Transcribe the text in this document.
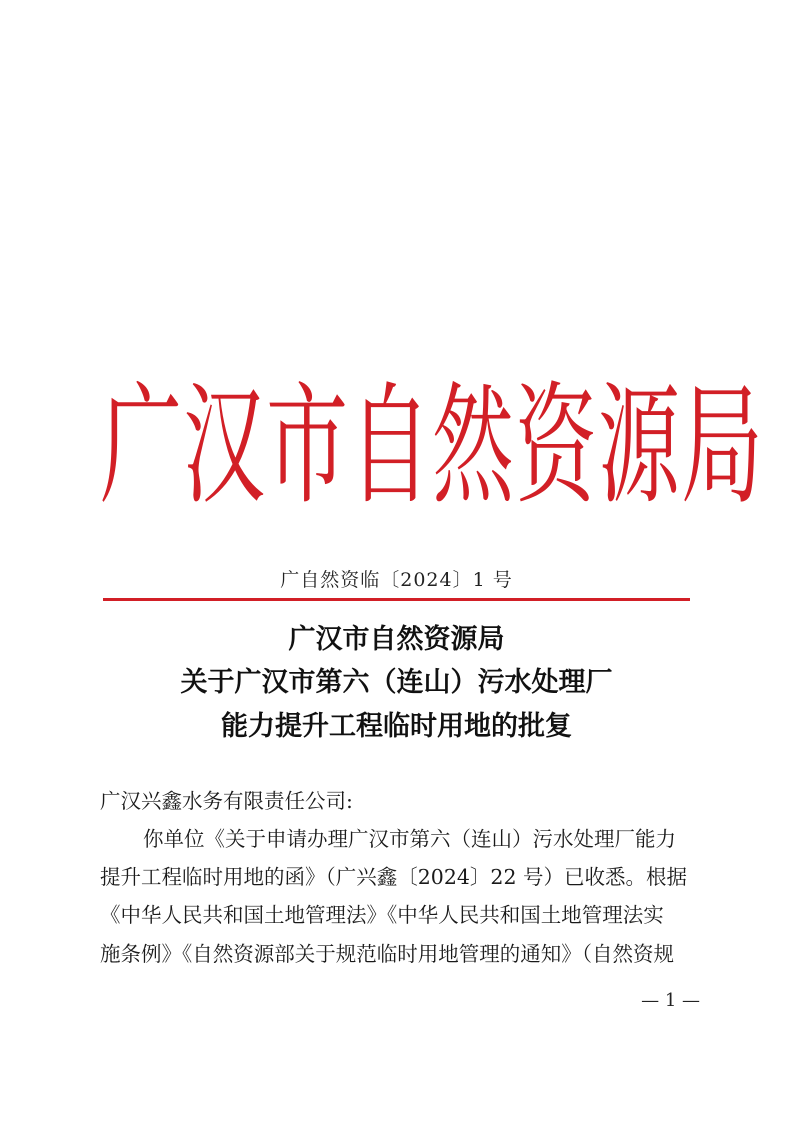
广汉市自然资源局
广自然资临〔2024〕1 号
广汉市自然资源局
关于广汉市第六（连山）污水处理厂
能力提升工程临时用地的批复
广汉兴鑫水务有限责任公司:
你单位《关于申请办理广汉市第六（连山）污水处理厂能力
提升工程临时用地的函》（广兴鑫〔2024〕22 号）已收悉。根据
《中华人民共和国土地管理法》《中华人民共和国土地管理法实
施条例》《自然资源部关于规范临时用地管理的通知》（自然资规
— 1 —
